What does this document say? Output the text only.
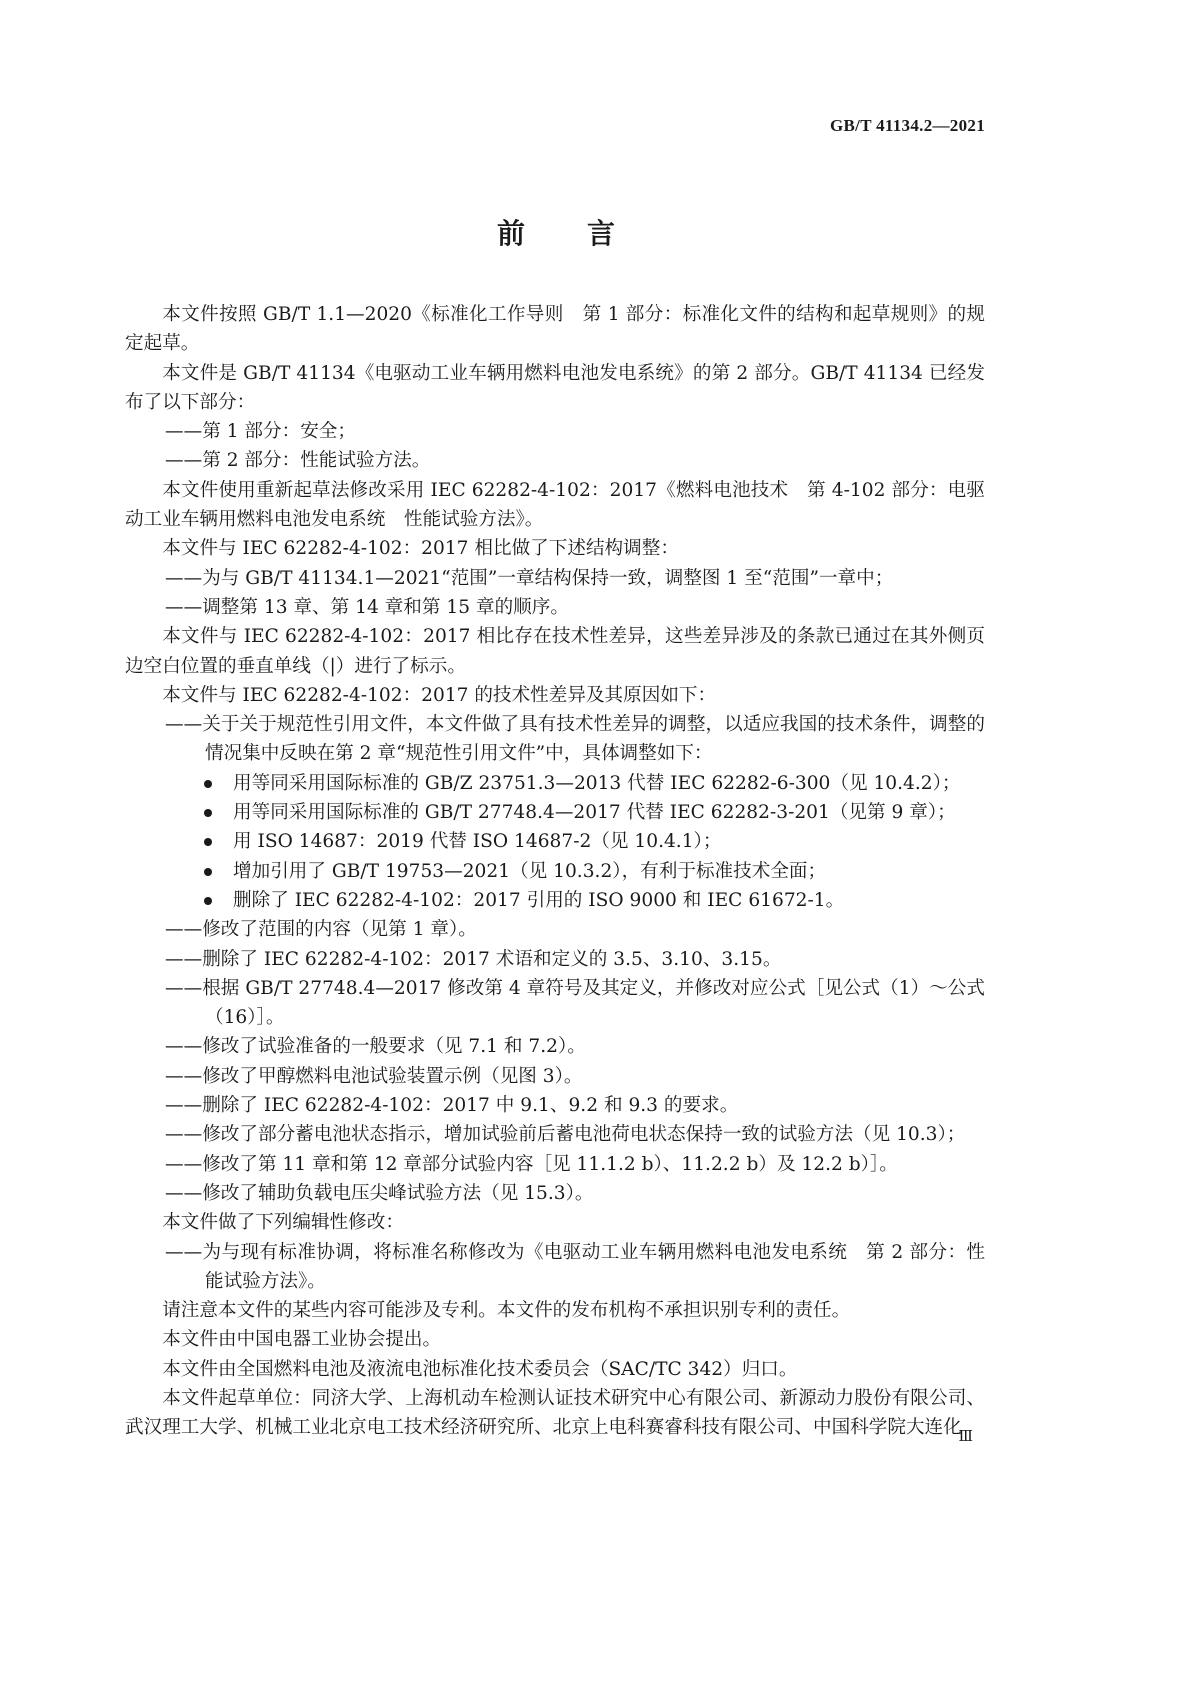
GB/T 41134.2—2021
前言

本文件按照 GB/T 1.1—2020《标准化工作导则　第 1 部分：标准化文件的结构和起草规则》的规定起草。

本文件是 GB/T 41134《电驱动工业车辆用燃料电池发电系统》的第 2 部分。GB/T 41134 已经发布了以下部分：

——第 1 部分：安全；

——第 2 部分：性能试验方法。

本文件使用重新起草法修改采用 IEC 62282-4-102：2017《燃料电池技术　第 4-102 部分：电驱动工业车辆用燃料电池发电系统　性能试验方法》。

本文件与 IEC 62282-4-102：2017 相比做了下述结构调整：

——为与 GB/T 41134.1—2021“范围”一章结构保持一致，调整图 1 至“范围”一章中；

——调整第 13 章、第 14 章和第 15 章的顺序。

本文件与 IEC 62282-4-102：2017 相比存在技术性差异，这些差异涉及的条款已通过在其外侧页边空白位置的垂直单线（|）进行了标示。

本文件与 IEC 62282-4-102：2017 的技术性差异及其原因如下：

——关于关于规范性引用文件，本文件做了具有技术性差异的调整，以适应我国的技术条件，调整的情况集中反映在第 2 章“规范性引用文件”中，具体调整如下：

用等同采用国际标准的 GB/Z 23751.3—2013 代替 IEC 62282-6-300（见 10.4.2）；

用等同采用国际标准的 GB/T 27748.4—2017 代替 IEC 62282-3-201（见第 9 章）；

用 ISO 14687：2019 代替 ISO 14687-2（见 10.4.1）；

增加引用了 GB/T 19753—2021（见 10.3.2），有利于标准技术全面；

删除了 IEC 62282-4-102：2017 引用的 ISO 9000 和 IEC 61672-1。

——修改了范围的内容（见第 1 章）。

——删除了 IEC 62282-4-102：2017 术语和定义的 3.5、3.10、3.15。

——根据 GB/T 27748.4—2017 修改第 4 章符号及其定义，并修改对应公式［见公式（1）～公式（16）］。

——修改了试验准备的一般要求（见 7.1 和 7.2）。

——修改了甲醇燃料电池试验装置示例（见图 3）。

——删除了 IEC 62282-4-102：2017 中 9.1、9.2 和 9.3 的要求。

——修改了部分蓄电池状态指示，增加试验前后蓄电池荷电状态保持一致的试验方法（见 10.3）；

——修改了第 11 章和第 12 章部分试验内容［见 11.1.2 b）、11.2.2 b）及 12.2 b）］。

——修改了辅助负载电压尖峰试验方法（见 15.3）。

本文件做了下列编辑性修改：

——为与现有标准协调，将标准名称修改为《电驱动工业车辆用燃料电池发电系统　第 2 部分：性能试验方法》。

请注意本文件的某些内容可能涉及专利。本文件的发布机构不承担识别专利的责任。

本文件由中国电器工业协会提出。

本文件由全国燃料电池及液流电池标准化技术委员会（SAC/TC 342）归口。

本文件起草单位：同济大学、上海机动车检测认证技术研究中心有限公司、新源动力股份有限公司、武汉理工大学、机械工业北京电工技术经济研究所、北京上电科赛睿科技有限公司、中国科学院大连化

Ⅲ
